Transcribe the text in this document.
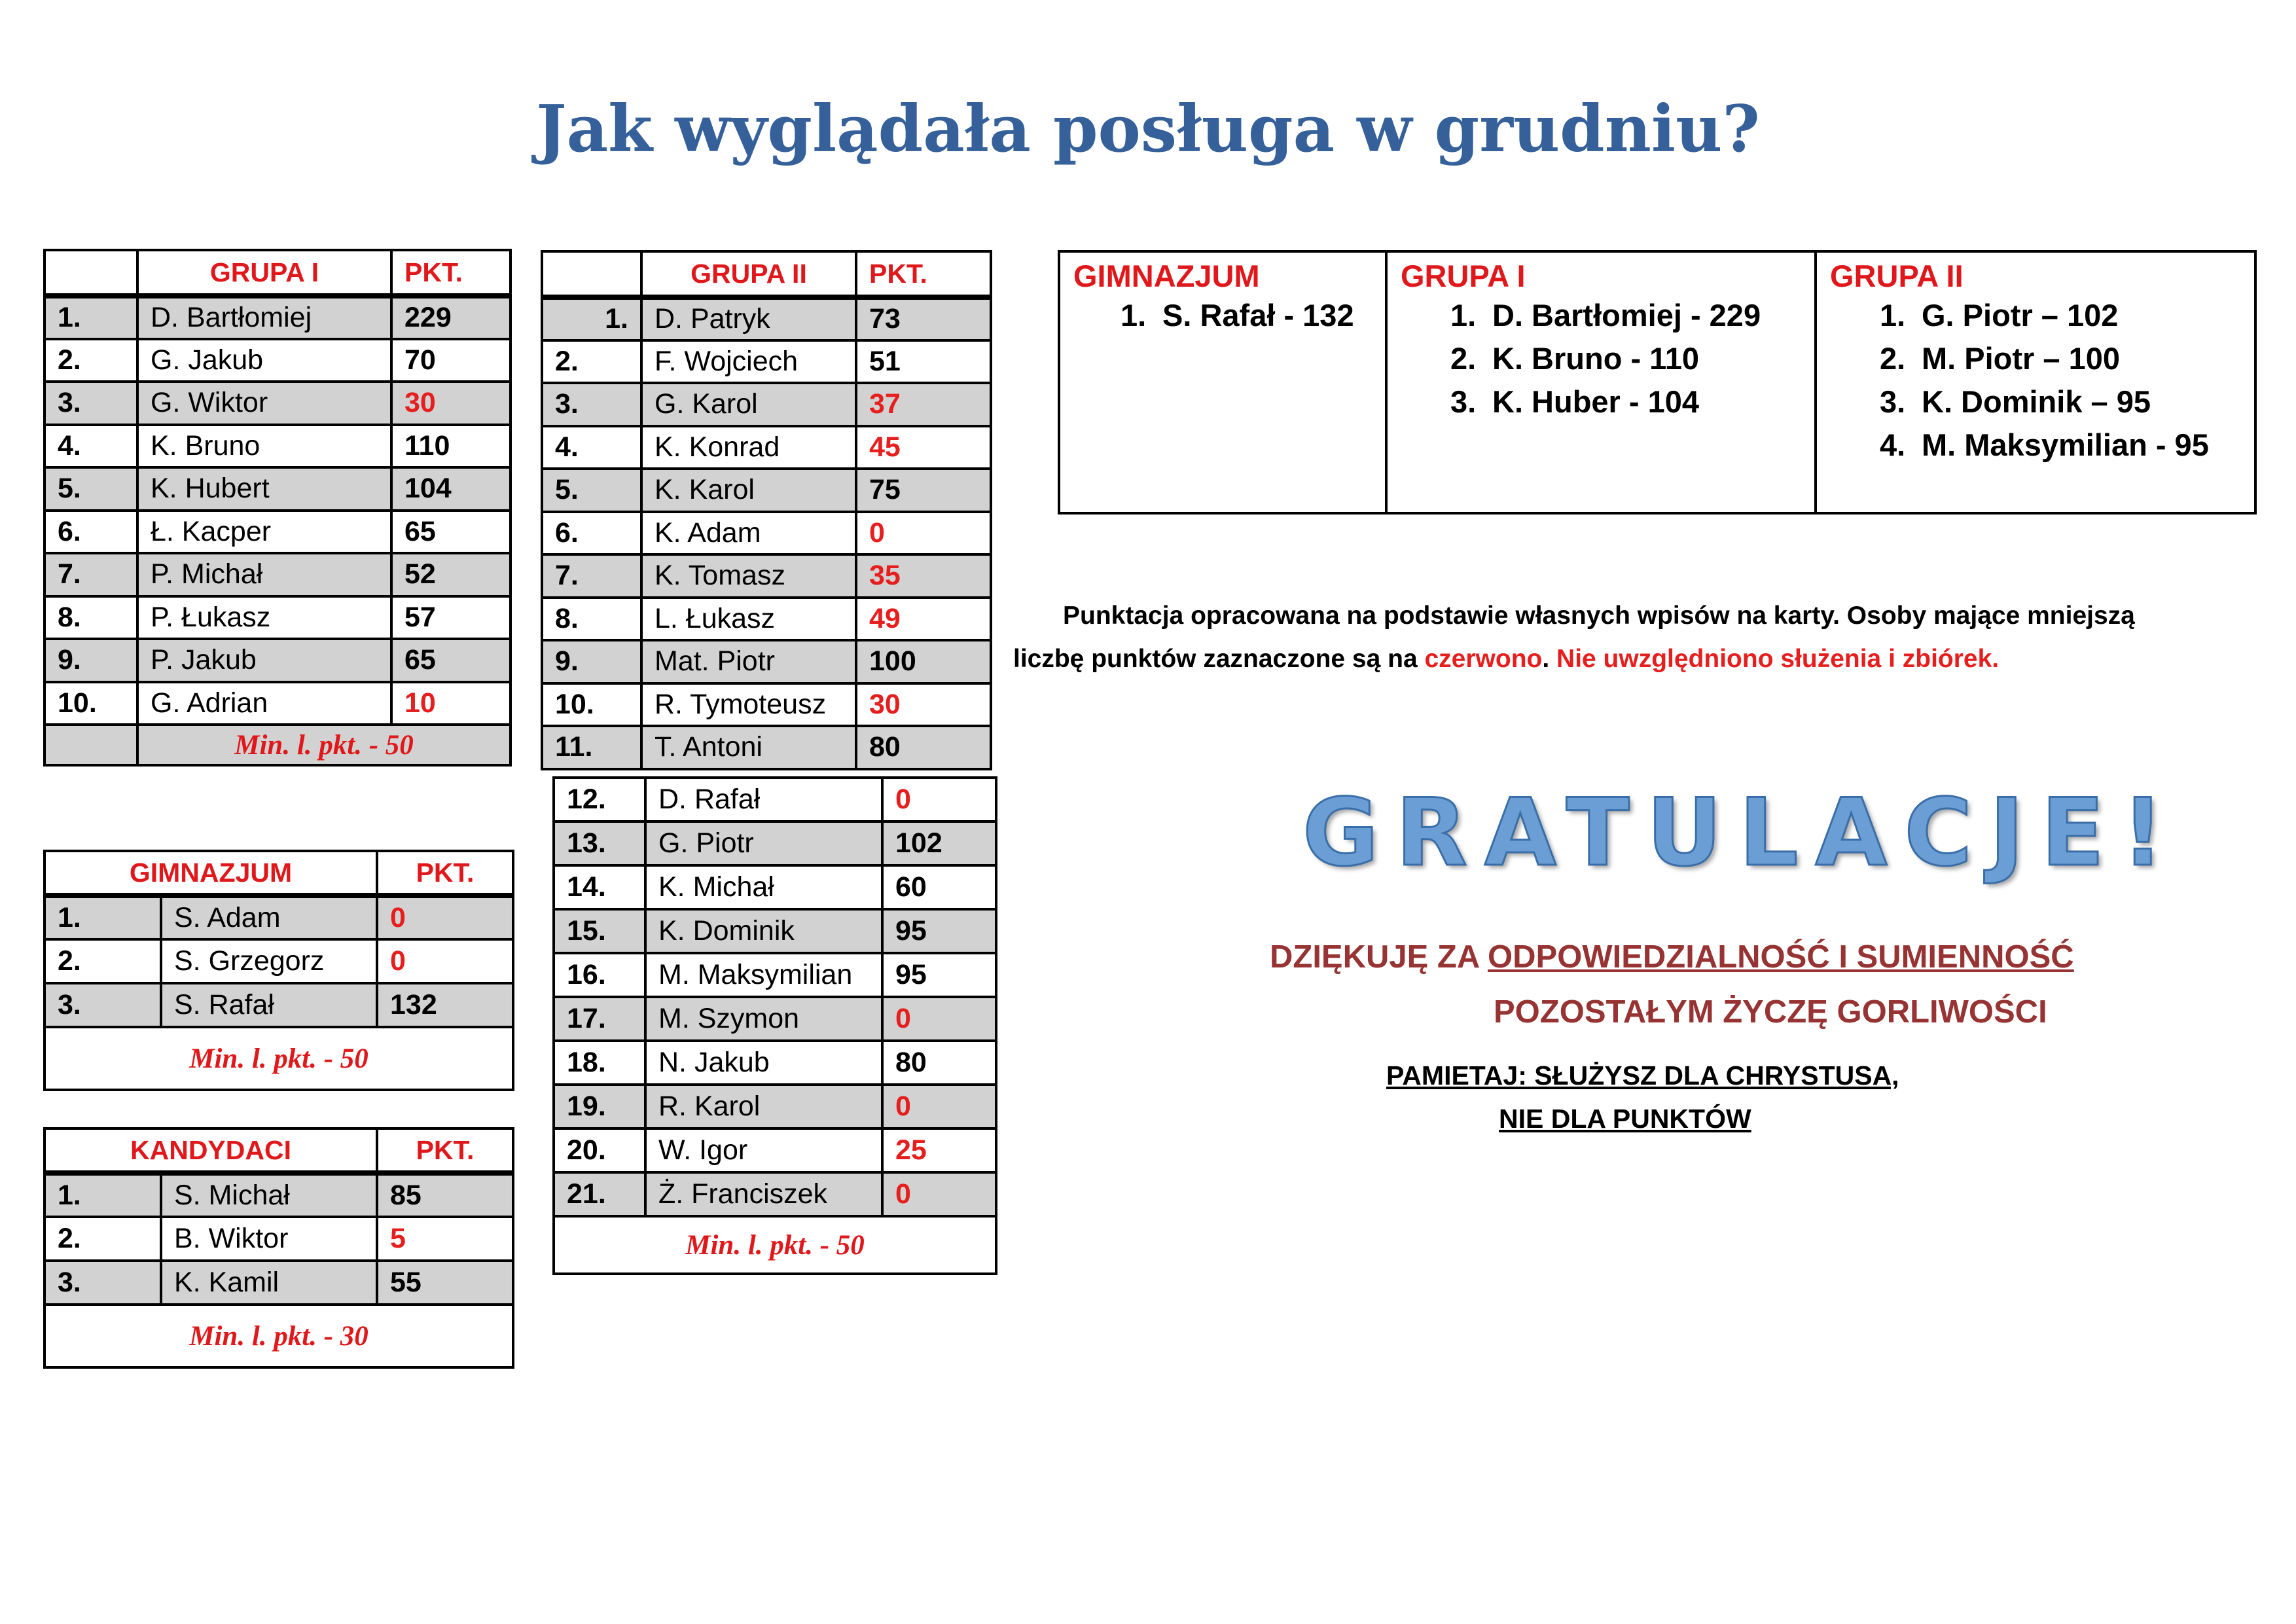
Jak wyglądała posługa w grudniu?
	GRUPA I	PKT.
1.	D. Bartłomiej	229
2.	G. Jakub	70
3.	G. Wiktor	30
4.	K. Bruno	110
5.	K. Hubert	104
6.	Ł. Kacper	65
7.	P. Michał	52
8.	P. Łukasz	57
9.	P. Jakub	65
10.	G. Adrian	10
	Min. l. pkt. - 50	
	GRUPA II	PKT.
1.	D. Patryk	73
2.	F. Wojciech	51
3.	G. Karol	37
4.	K. Konrad	45
5.	K. Karol	75
6.	K. Adam	0
7.	K. Tomasz	35
8.	L. Łukasz	49
9.	Mat. Piotr	100
10.	R. Tymoteusz	30
11.	T. Antoni	80
12.	D. Rafał	0
13.	G. Piotr	102
14.	K. Michał	60
15.	K. Dominik	95
16.	M. Maksymilian	95
17.	M. Szymon	0
18.	N. Jakub	80
19.	R. Karol	0
20.	W. Igor	25
21.	Ż. Franciszek	0
Min. l. pkt. - 50		
GIMNAZJUM		PKT.
1.	S. Adam	0
2.	S. Grzegorz	0
3.	S. Rafał	132
Min. l. pkt. - 50		
KANDYDACI		PKT.
1.	S. Michał	85
2.	B. Wiktor	5
3.	K. Kamil	55
Min. l. pkt. - 30		
GIMNAZJUM
1. S. Rafał - 132

GRUPA I
1. D. Bartłomiej - 229
2. K. Bruno - 110
3. K. Huber - 104

GRUPA II
1. G. Piotr – 102
2. M. Piotr – 100
3. K. Dominik – 95
4. M. Maksymilian - 95
Punktacja opracowana na podstawie własnych wpisów na karty. Osoby mające mniejszą
liczbę punktów zaznaczone są na czerwono. Nie uwzględniono służenia i zbiórek.
GRATULACJE!
DZIĘKUJĘ ZA ODPOWIEDZIALNOŚĆ I SUMIENNOŚĆ
POZOSTAŁYM ŻYCZĘ GORLIWOŚCI
PAMIETAJ: SŁUŻYSZ DLA CHRYSTUSA,
NIE DLA PUNKTÓW
